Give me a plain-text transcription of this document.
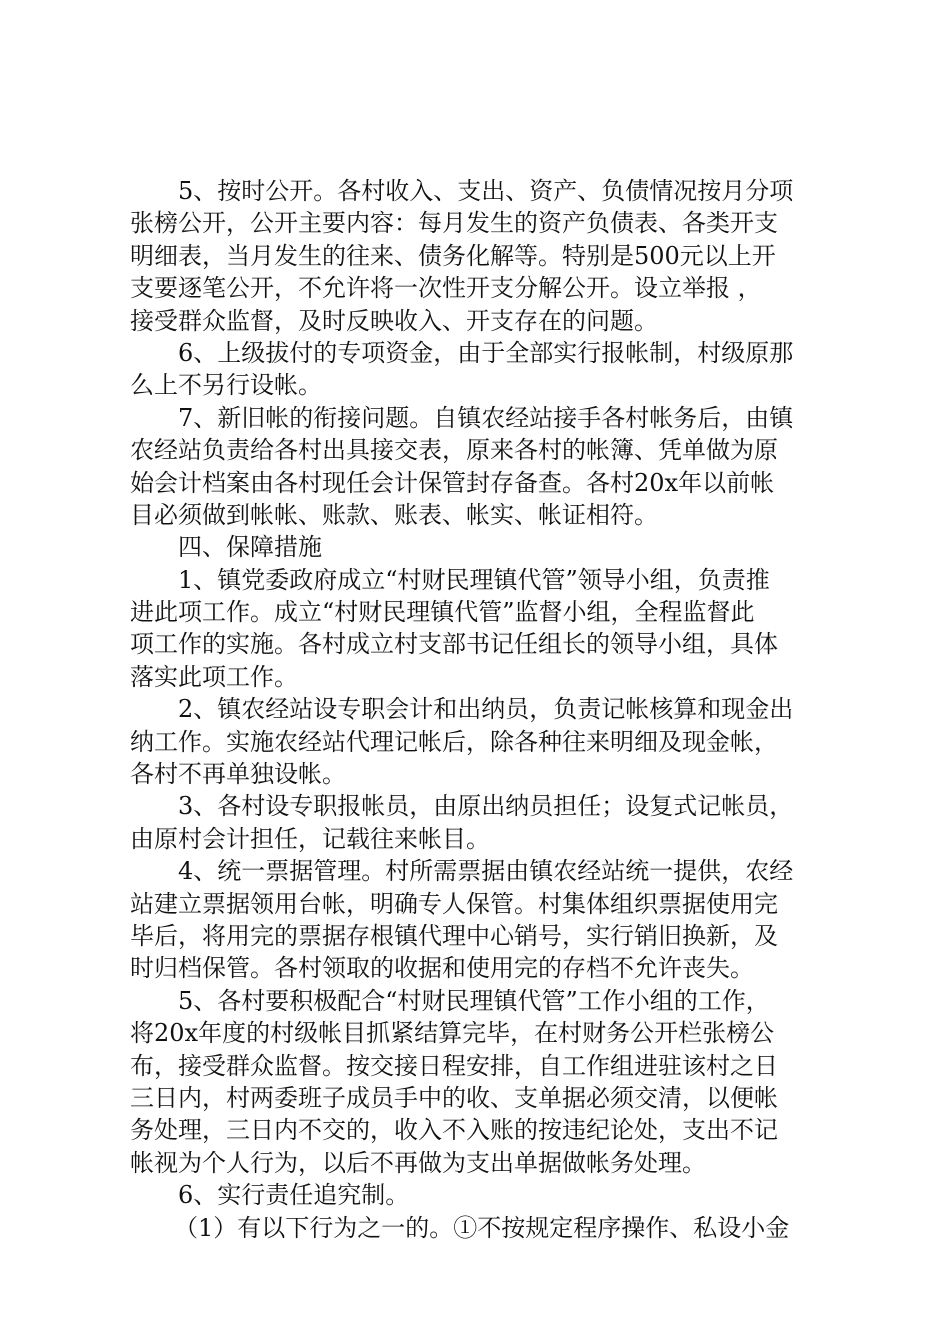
5、按时公开。各村收入、支出、资产、负债情况按月分项
张榜公开，公开主要内容：每月发生的资产负债表、各类开支
明细表，当月发生的往来、债务化解等。特别是500元以上开
支要逐笔公开，不允许将一次性开支分解公开。设立举报 ，
接受群众监督，及时反映收入、开支存在的问题。
6、上级拔付的专项资金，由于全部实行报帐制，村级原那
么上不另行设帐。
7、新旧帐的衔接问题。自镇农经站接手各村帐务后，由镇
农经站负责给各村出具接交表，原来各村的帐簿、凭单做为原
始会计档案由各村现任会计保管封存备查。各村20x年以前帐
目必须做到帐帐、账款、账表、帐实、帐证相符。
四、保障措施
1、镇党委政府成立“村财民理镇代管”领导小组，负责推
进此项工作。成立“村财民理镇代管”监督小组，全程监督此
项工作的实施。各村成立村支部书记任组长的领导小组，具体
落实此项工作。
2、镇农经站设专职会计和出纳员，负责记帐核算和现金出
纳工作。实施农经站代理记帐后，除各种往来明细及现金帐，
各村不再单独设帐。
3、各村设专职报帐员，由原出纳员担任；设复式记帐员，
由原村会计担任，记载往来帐目。
4、统一票据管理。村所需票据由镇农经站统一提供，农经
站建立票据领用台帐，明确专人保管。村集体组织票据使用完
毕后，将用完的票据存根镇代理中心销号，实行销旧换新，及
时归档保管。各村领取的收据和使用完的存档不允许丧失。
5、各村要积极配合“村财民理镇代管”工作小组的工作，
将20x年度的村级帐目抓紧结算完毕，在村财务公开栏张榜公
布，接受群众监督。按交接日程安排，自工作组进驻该村之日
三日内，村两委班子成员手中的收、支单据必须交清，以便帐
务处理，三日内不交的，收入不入账的按违纪论处，支出不记
帐视为个人行为，以后不再做为支出单据做帐务处理。
6、实行责任追究制。
（1）有以下行为之一的。①不按规定程序操作、私设小金
